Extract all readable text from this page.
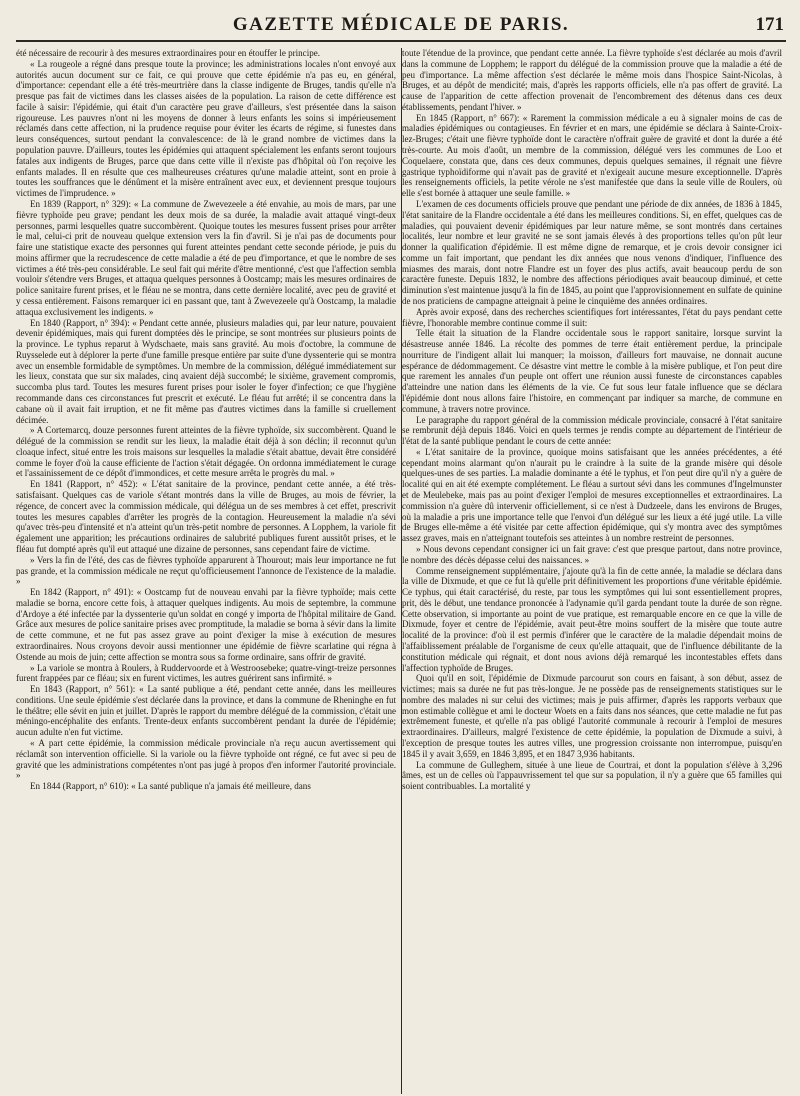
GAZETTE MÉDICALE DE PARIS.	171

été nécessaire de recourir à des mesures extraordinaires pour en étouffer le principe.

« La rougeole a régné dans presque toute la province; les administrations locales n'ont envoyé aux autorités aucun document sur ce fait, ce qui prouve que cette épidémie n'a pas eu, en général, d'importance: cependant elle a été très-meurtrière dans la classe indigente de Bruges, tandis qu'elle n'a presque pas fait de victimes dans les classes aisées de la population. La raison de cette différence est facile à saisir: l'épidémie, qui était d'un caractère peu grave d'ailleurs, s'est présentée dans la saison rigoureuse. Les pauvres n'ont ni les moyens de donner à leurs enfants les soins si impérieusement réclamés dans cette affection, ni la prudence requise pour éviter les écarts de régime, si funestes dans leurs conséquences, surtout pendant la convalescence: de là le grand nombre de victimes dans la population pauvre. D'ailleurs, toutes les épidémies qui attaquent spécialement les enfants seront toujours fatales aux indigents de Bruges, parce que dans cette ville il n'existe pas d'hôpital où l'on reçoive les enfants malades. Il en résulte que ces malheureuses créatures qu'une maladie atteint, sont en proie à toutes les souffrances que le dénûment et la misère entraînent avec eux, et deviennent presque toujours victimes de l'imprudence. »

En 1839 (Rapport, n° 329): « La commune de Zwevezeele a été envahie, au mois de mars, par une fièvre typhoïde peu grave; pendant les deux mois de sa durée, la maladie avait attaqué vingt-deux personnes, parmi lesquelles quatre succombèrent. Quoique toutes les mesures fussent prises pour arrêter le mal, celui-ci prit de nouveau quelque extension vers la fin d'avril. Si je n'ai pas de documents pour faire une statistique exacte des personnes qui furent atteintes pendant cette seconde période, je puis du moins affirmer que la recrudescence de cette maladie a été de peu d'importance, et que le nombre de ses victimes a été très-peu considérable. Le seul fait qui mérite d'être mentionné, c'est que l'affection sembla vouloir s'étendre vers Bruges, et attaqua quelques personnes à Oostcamp; mais les mesures ordinaires de police sanitaire furent prises, et le fléau ne se montra, dans cette dernière localité, avec peu de gravité et y cessa entièrement. Faisons remarquer ici en passant que, tant à Zwevezeele qu'à Oostcamp, la maladie attaqua exclusivement les indigents. »

En 1840 (Rapport, n° 394): « Pendant cette année, plusieurs maladies qui, par leur nature, pouvaient devenir épidémiques, mais qui furent domptées dès le principe, se sont montrées sur plusieurs points de la province. Le typhus reparut à Wydschaete, mais sans gravité. Au mois d'octobre, la commune de Ruysselede eut à déplorer la perte d'une famille presque entière par suite d'une dyssenterie qui se montra avec un ensemble formidable de symptômes. Un membre de la commission, délégué immédiatement sur les lieux, constata que sur six malades, cinq avaient déjà succombé; le sixième, gravement compromis, succomba plus tard. Toutes les mesures furent prises pour isoler le foyer d'infection; ce que l'hygiène recommande dans ces circonstances fut prescrit et exécuté. Le fléau fut arrêté; il se concentra dans la cabane où il avait fait irruption, et ne fit même pas d'autres victimes dans la famille si cruellement décimée.

» A Cortemarcq, douze personnes furent atteintes de la fièvre typhoïde, six succombèrent. Quand le délégué de la commission se rendit sur les lieux, la maladie était déjà à son déclin; il reconnut qu'un cloaque infect, situé entre les trois maisons sur lesquelles la maladie s'était abattue, devait être considéré comme le foyer d'où la cause efficiente de l'action s'était dégagée. On ordonna immédiatement le curage et l'assainissement de ce dépôt d'immondices, et cette mesure arrêta le progrès du mal. »

En 1841 (Rapport, n° 452): « L'état sanitaire de la province, pendant cette année, a été très-satisfaisant. Quelques cas de variole s'étant montrés dans la ville de Bruges, au mois de février, la régence, de concert avec la commission médicale, qui délégua un de ses membres à cet effet, prescrivit toutes les mesures capables d'arrêter les progrès de la contagion. Heureusement la maladie n'a sévi qu'avec très-peu d'intensité et n'a atteint qu'un très-petit nombre de personnes. A Lopphem, la variole fit également une apparition; les précautions ordinaires de salubrité publiques furent aussitôt prises, et le fléau fut dompté après qu'il eut attaqué une dizaine de personnes, sans cependant faire de victime.

» Vers la fin de l'été, des cas de fièvres typhoïde apparurent à Thourout; mais leur importance ne fut pas grande, et la commission médicale ne reçut qu'officieusement l'annonce de l'existence de la maladie. »

En 1842 (Rapport, n° 491): « Oostcamp fut de nouveau envahi par la fièvre typhoïde; mais cette maladie se borna, encore cette fois, à attaquer quelques indigents. Au mois de septembre, la commune d'Ardoye a été infectée par la dyssenterie qu'un soldat en congé y importa de l'hôpital militaire de Gand. Grâce aux mesures de police sanitaire prises avec promptitude, la maladie se borna à sévir dans la limite de cette commune, et ne fut pas assez grave au point d'exiger la mise à exécution de mesures extraordinaires. Nous croyons devoir aussi mentionner une épidémie de fièvre scarlatine qui régna à Ostende au mois de juin; cette affection se montra sous sa forme ordinaire, sans offrir de gravité.

» La variole se montra à Roulers, à Ruddervoorde et à Westroosebeke; quatre-vingt-treize personnes furent frappées par ce fléau; six en furent victimes, les autres guérirent sans infirmité. »

En 1843 (Rapport, n° 561): « La santé publique a été, pendant cette année, dans les meilleures conditions. Une seule épidémie s'est déclarée dans la province, et dans la commune de Rheninghe en fut le théâtre; elle sévit en juin et juillet. D'après le rapport du membre délégué de la commission, c'était une méningo-encéphalite des enfants. Trente-deux enfants succombèrent pendant la durée de l'épidémie; aucun adulte n'en fut victime.

« A part cette épidémie, la commission médicale provinciale n'a reçu aucun avertissement qui réclamât son intervention officielle. Si la variole ou la fièvre typhoïde ont régné, ce fut avec si peu de gravité que les administrations compétentes n'ont pas jugé à propos d'en informer l'autorité provinciale. »

En 1844 (Rapport, n° 610): « La santé publique n'a jamais été meilleure, dans

toute l'étendue de la province, que pendant cette année. La fièvre typhoïde s'est déclarée au mois d'avril dans la commune de Lopphem; le rapport du délégué de la commission prouve que la maladie a été de peu d'importance. La même affection s'est déclarée le même mois dans l'hospice Saint-Nicolas, à Bruges, et au dépôt de mendicité; mais, d'après les rapports officiels, elle n'a pas offert de gravité. La cause de l'apparition de cette affection provenait de l'encombrement des détenus dans ces deux établissements, pendant l'hiver. »

En 1845 (Rapport, n° 667): « Rarement la commission médicale a eu à signaler moins de cas de maladies épidémiques ou contagieuses. En février et en mars, une épidémie se déclara à Sainte-Croix-lez-Bruges; c'était une fièvre typhoïde dont le caractère n'offrait guère de gravité et dont la durée a été très-courte. Au mois d'août, un membre de la commission, délégué vers les communes de Loo et Coquelaere, constata que, dans ces deux communes, depuis quelques semaines, il régnait une fièvre gastrique typhoïdiforme qui n'avait pas de gravité et n'exigeait aucune mesure exceptionnelle. D'après les renseignements officiels, la petite vérole ne s'est manifestée que dans la seule ville de Roulers, où elle s'est bornée à attaquer une seule famille. »

L'examen de ces documents officiels prouve que pendant une période de dix années, de 1836 à 1845, l'état sanitaire de la Flandre occidentale a été dans les meilleures conditions. Si, en effet, quelques cas de maladies, qui pouvaient devenir épidémiques par leur nature même, se sont montrés dans certaines localités, leur nombre et leur gravité ne se sont jamais élevés à des proportions telles qu'on pût leur donner la qualification d'épidémie. Il est même digne de remarque, et je crois devoir consigner ici comme un fait important, que pendant les dix années que nous venons d'indiquer, l'influence des miasmes des marais, dont notre Flandre est un foyer des plus actifs, avait beaucoup perdu de son caractère funeste. Depuis 1832, le nombre des affections périodiques avait beaucoup diminué, et cette diminution s'est maintenue jusqu'à la fin de 1845, au point que l'approvisionnement en sulfate de quinine de nos praticiens de campagne atteignait à peine le cinquième des années ordinaires.

Après avoir exposé, dans des recherches scientifiques fort intéressantes, l'état du pays pendant cette fièvre, l'honorable membre continue comme il suit:

Telle était la situation de la Flandre occidentale sous le rapport sanitaire, lorsque survint la désastreuse année 1846. La récolte des pommes de terre était entièrement perdue, la principale nourriture de l'indigent allait lui manquer; la moisson, d'ailleurs fort mauvaise, ne donnait aucune espérance de dédommagement. Ce désastre vint mettre le comble à la misère publique, et l'on peut dire que rarement les annales d'un peuple ont offert une réunion aussi funeste de circonstances capables d'atteindre une nation dans les éléments de la vie. Ce fut sous leur fatale influence que se déclara l'épidémie dont nous allons faire l'histoire, en commençant par indiquer sa marche, de commune en commune, à travers notre province.

Le paragraphe du rapport général de la commission médicale provinciale, consacré à l'état sanitaire se rembrunit déjà depuis 1846. Voici en quels termes je rendis compte au département de l'intérieur de l'état de la santé publique pendant le cours de cette année:

« L'état sanitaire de la province, quoique moins satisfaisant que les années précédentes, a été cependant moins alarmant qu'on n'aurait pu le craindre à la suite de la grande misère qui désole quelques-unes de ses parties. La maladie dominante a été le typhus, et l'on peut dire qu'il n'y a guère de localité qui en ait été exempte complétement. Le fléau a surtout sévi dans les communes d'Ingelmunster et de Meulebeke, mais pas au point d'exiger l'emploi de mesures exceptionnelles et extraordinaires. La commission n'a guère dû intervenir officiellement, si ce n'est à Dudzeele, dans les environs de Bruges, où la maladie a pris une importance telle que l'envoi d'un délégué sur les lieux a été jugé utile. La ville de Bruges elle-même a été visitée par cette affection épidémique, qui s'y montra avec des symptômes assez graves, mais en n'atteignant toutefois ses atteintes à un nombre restreint de personnes.

» Nous devons cependant consigner ici un fait grave: c'est que presque partout, dans notre province, le nombre des décès dépasse celui des naissances. »

Comme renseignement supplémentaire, j'ajoute qu'à la fin de cette année, la maladie se déclara dans la ville de Dixmude, et que ce fut là qu'elle prit définitivement les proportions d'une véritable épidémie. Ce typhus, qui était caractérisé, du reste, par tous les symptômes qui lui sont essentiellement propres, prit, dès le début, une tendance prononcée à l'adynamie qu'il garda pendant toute la durée de son règne. Cette observation, si importante au point de vue pratique, est remarquable encore en ce que la ville de Dixmude, foyer et centre de l'épidémie, avait peut-être moins souffert de la misère que toute autre localité de la province: d'où il est permis d'inférer que le caractère de la maladie dépendait moins de l'affaiblissement préalable de l'organisme de ceux qu'elle attaquait, que de l'influence débilitante de la constitution médicale qui régnait, et dont nous avions déjà remarqué les incontestables effets dans l'affection typhoïde de Bruges.

Quoi qu'il en soit, l'épidémie de Dixmude parcourut son cours en faisant, à son début, assez de victimes; mais sa durée ne fut pas très-longue. Je ne possède pas de renseignements statistiques sur le nombre des malades ni sur celui des victimes; mais je puis affirmer, d'après les rapports verbaux que mon estimable collègue et ami le docteur Woets en a faits dans nos séances, que cette maladie ne fut pas extrêmement funeste, et qu'elle n'a pas obligé l'autorité communale à recourir à l'emploi de mesures extraordinaires. D'ailleurs, malgré l'existence de cette épidémie, la population de Dixmude a suivi, à l'exception de presque toutes les autres villes, une progression croissante non interrompue, puisqu'en 1845 il y avait 3,659, en 1846 3,895, et en 1847 3,936 habitants.

La commune de Gulleghem, située à une lieue de Courtrai, et dont la population s'élève à 3,296 âmes, est un de celles où l'appauvrissement tel que sur sa population, il n'y a guère que 65 familles qui soient contribuables. La mortalité y
